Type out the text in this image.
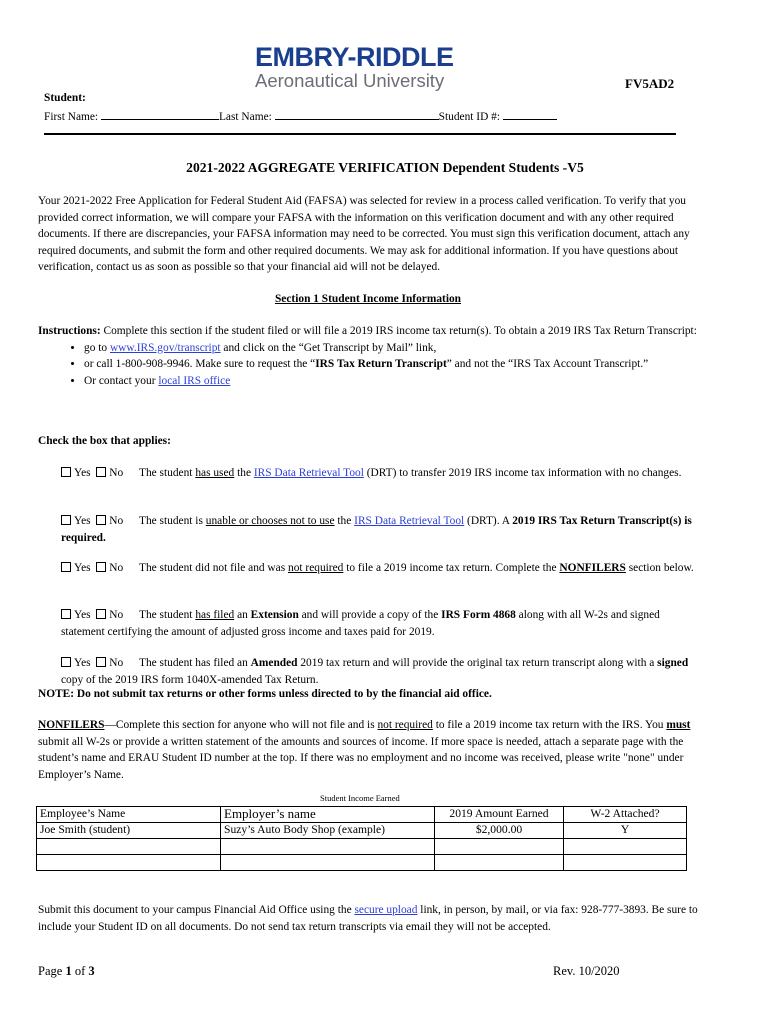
EMBRY-RIDDLE
Aeronautical University	FV5AD2
Student:
First Name:	Last Name:	Student ID #:
2021-2022 AGGREGATE VERIFICATION Dependent Students -V5
Your 2021-2022 Free Application for Federal Student Aid (FAFSA) was selected for review in a process called verification. To verify that you provided correct information, we will compare your FAFSA with the information on this verification document and with any other required documents. If there are discrepancies, your FAFSA information may need to be corrected. You must sign this verification document, attach any required documents, and submit the form and other required documents. We may ask for additional information. If you have questions about verification, contact us as soon as possible so that your financial aid will not be delayed.
Section 1 Student Income Information
Instructions: Complete this section if the student filed or will file a 2019 IRS income tax return(s). To obtain a 2019 IRS Tax Return Transcript:
• go to www.IRS.gov/transcript and click on the “Get Transcript by Mail” link,
• or call 1-800-908-9946. Make sure to request the “IRS Tax Return Transcript” and not the “IRS Tax Account Transcript.”
• Or contact your local IRS office
Check the box that applies:
Yes No The student has used the IRS Data Retrieval Tool (DRT) to transfer 2019 IRS income tax information with no changes.
Yes No The student is unable or chooses not to use the IRS Data Retrieval Tool (DRT). A 2019 IRS Tax Return Transcript(s) is required.
Yes No The student did not file and was not required to file a 2019 income tax return. Complete the NONFILERS section below.
Yes No The student has filed an Extension and will provide a copy of the IRS Form 4868 along with all W-2s and signed statement certifying the amount of adjusted gross income and taxes paid for 2019.
Yes No The student has filed an Amended 2019 tax return and will provide the original tax return transcript along with a signed copy of the 2019 IRS form 1040X-amended Tax Return.
NOTE: Do not submit tax returns or other forms unless directed to by the financial aid office.
NONFILERS—Complete this section for anyone who will not file and is not required to file a 2019 income tax return with the IRS. You must submit all W-2s or provide a written statement of the amounts and sources of income. If more space is needed, attach a separate page with the student’s name and ERAU Student ID number at the top. If there was no employment and no income was received, please write "none" under Employer’s Name.
Student Income Earned
Employee’s Name	Employer’s name	2019 Amount Earned	W-2 Attached?
Joe Smith (student)	Suzy’s Auto Body Shop (example)	$2,000.00	Y

Submit this document to your campus Financial Aid Office using the secure upload link, in person, by mail, or via fax: 928-777-3893. Be sure to include your Student ID on all documents. Do not send tax return transcripts via email they will not be accepted.
Page 1 of 3	Rev. 10/2020
